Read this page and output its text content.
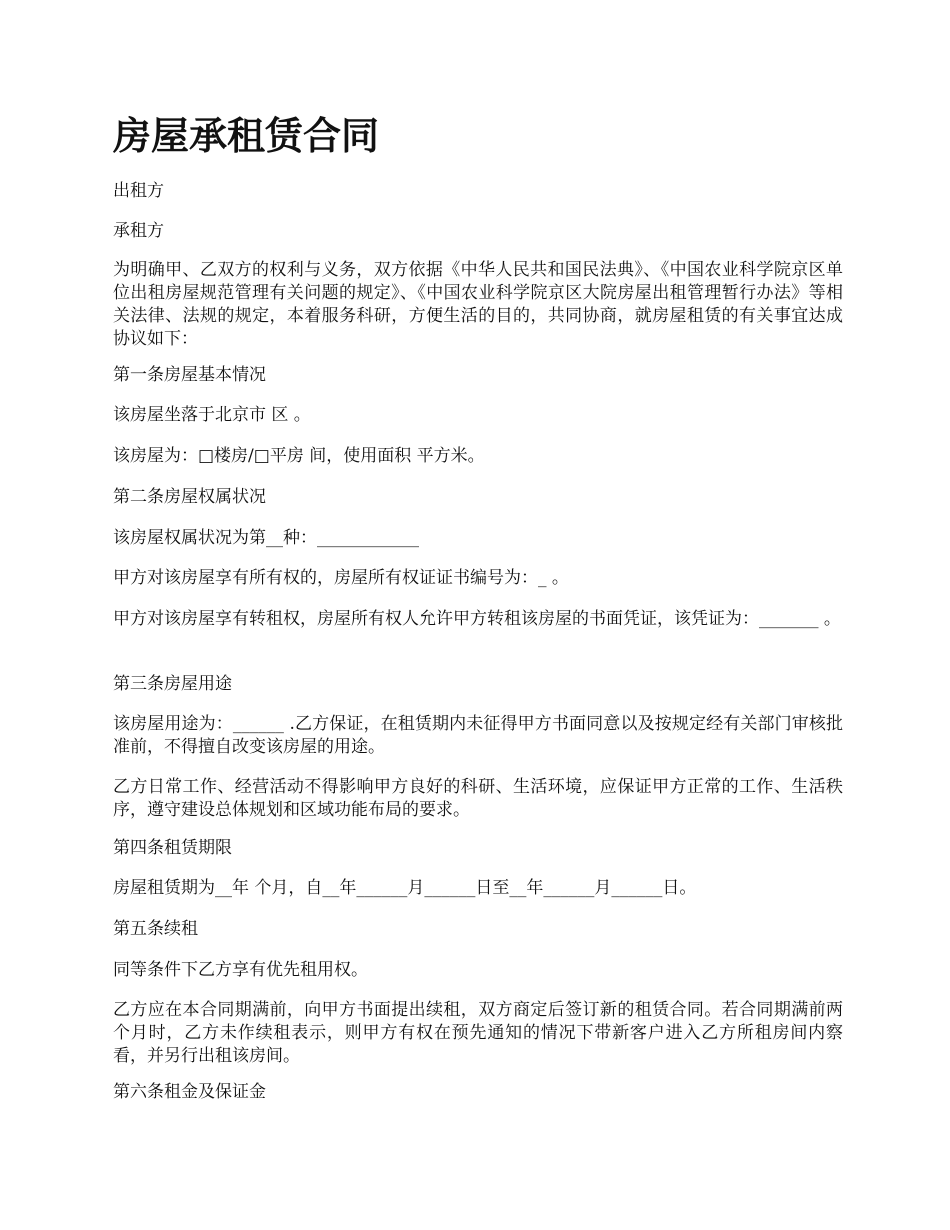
房屋承租赁合同

出租方

承租方

为明确甲、乙双方的权利与义务，双方依据《中华人民共和国民法典》、《中国农业科学院京区单位出租房屋规范管理有关问题的规定》、《中国农业科学院京区大院房屋出租管理暂行办法》等相关法律、法规的规定，本着服务科研，方便生活的目的，共同协商，就房屋租赁的有关事宜达成协议如下：

第一条房屋基本情况

该房屋坐落于北京市 区 。

该房屋为：□楼房/□平房 间，使用面积 平方米。

第二条房屋权属状况

该房屋权属状况为第__种：____________

甲方对该房屋享有所有权的，房屋所有权证证书编号为：_ 。

甲方对该房屋享有转租权，房屋所有权人允许甲方转租该房屋的书面凭证，该凭证为：_______ 。

第三条房屋用途

该房屋用途为：______ .乙方保证，在租赁期内未征得甲方书面同意以及按规定经有关部门审核批准前，不得擅自改变该房屋的用途。

乙方日常工作、经营活动不得影响甲方良好的科研、生活环境，应保证甲方正常的工作、生活秩序，遵守建设总体规划和区域功能布局的要求。

第四条租赁期限

房屋租赁期为__年 个月，自__年______月______日至__年______月______日。

第五条续租

同等条件下乙方享有优先租用权。

乙方应在本合同期满前，向甲方书面提出续租，双方商定后签订新的租赁合同。若合同期满前两个月时，乙方未作续租表示，则甲方有权在预先通知的情况下带新客户进入乙方所租房间内察看，并另行出租该房间。

第六条租金及保证金
